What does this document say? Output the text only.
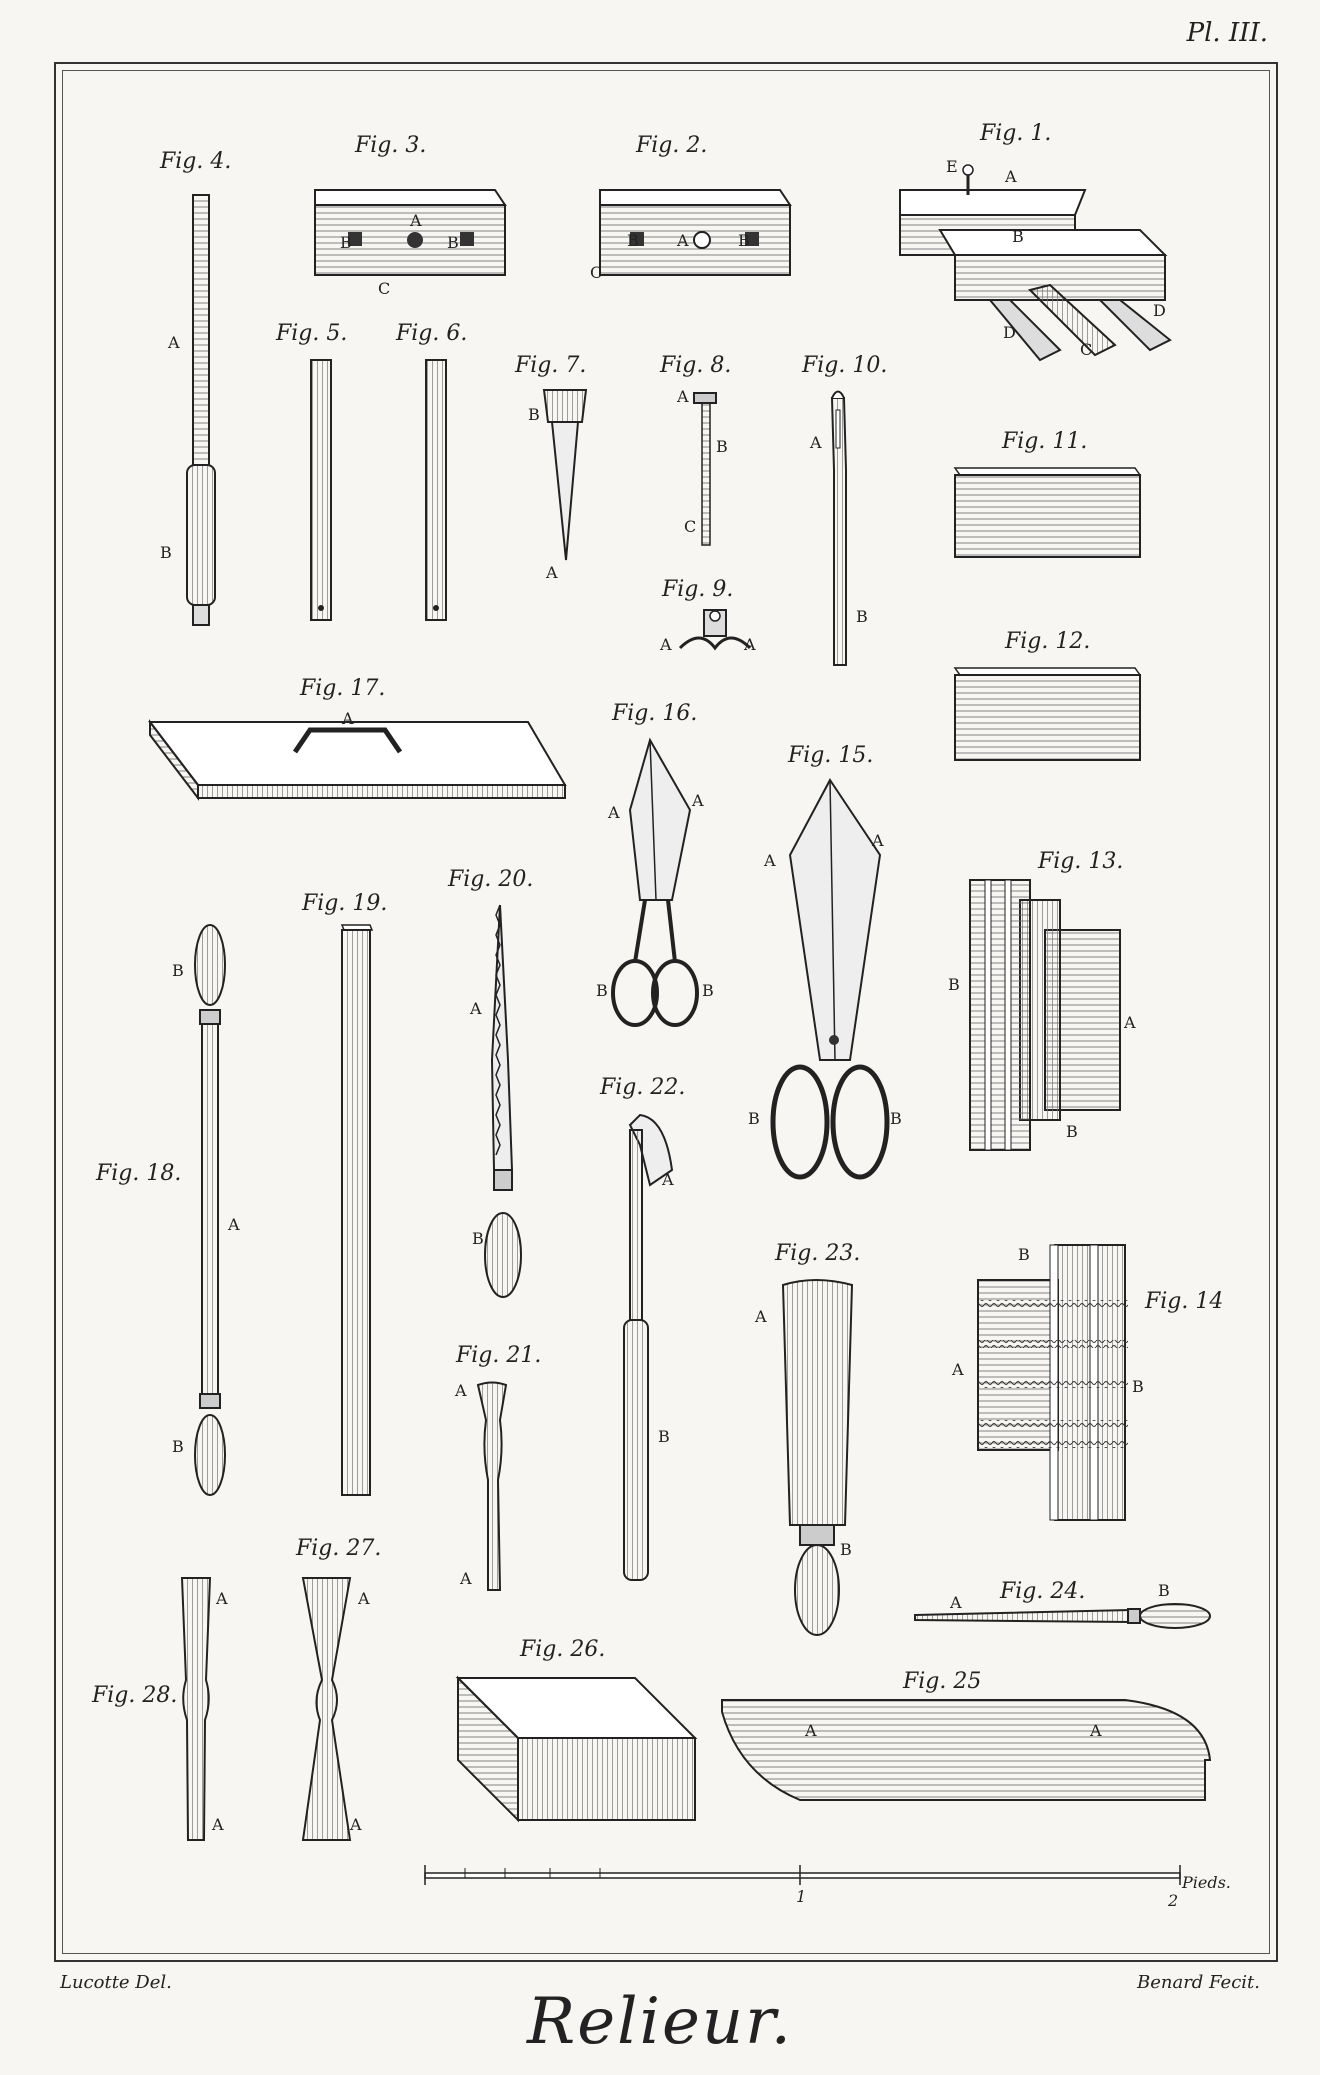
Pl. III.
Fig. 1.
A
B
C
D
D
E
Fig. 2.
A
B	B
C
Fig. 3.
A
B	B
C
Fig. 4.
A
B
Fig. 5. Fig. 6.
Fig. 7.
B
A
Fig. 8.
A
B
C
Fig. 9.
A	A
Fig. 10.
A
B
Fig. 11.
Fig. 12.
Fig. 17.
A	Fig. 16.
A
A
B	B
Fig. 15.
A
A
B	B
Fig. 13.
A
B
B
Fig. 14
A
B
B
Fig. 18.
A
B
B
Fig. 19.
Fig. 20.
A
B
Fig. 21.
A
A
Fig. 22.
A
B
Fig. 23.
A
B
Fig. 24.
A
B
Fig. 28.
A
A
Fig. 27.
A
A
Fig. 26.
Fig. 25
A	A
1	2
Pieds.
Lucotte Del.	Benard Fecit.
Relieur.
